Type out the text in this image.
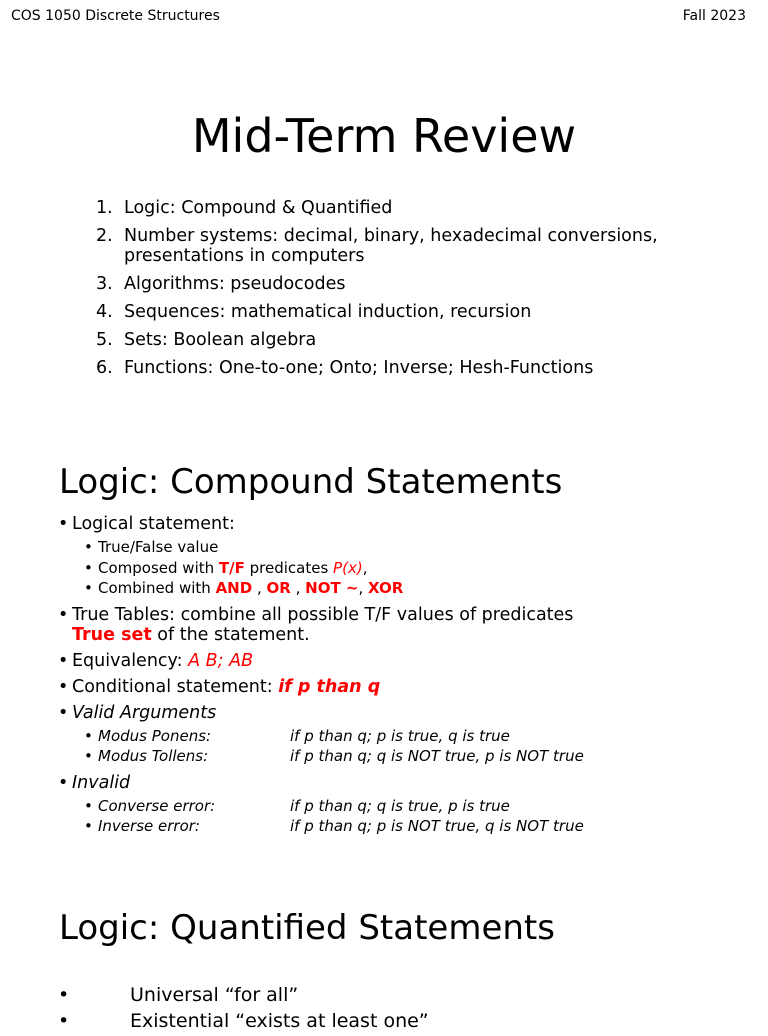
COS 1050 Discrete Structures	Fall 2023
Mid-Term Review
1. Logic: Compound & Quantified
2. Number systems: decimal, binary, hexadecimal conversions, presentations in computers
3. Algorithms: pseudocodes
4. Sequences: mathematical induction, recursion
5. Sets: Boolean algebra
6. Functions: One-to-one; Onto; Inverse; Hesh-Functions
Logic: Compound Statements
• Logical statement:
• True/False value
• Composed with T/F predicates P(x),
• Combined with AND , OR , NOT ~, XOR
• True Tables: combine all possible T/F values of predicates
True set of the statement.
• Equivalency: A B; AB
• Conditional statement: if p than q
• Valid Arguments
• Modus Ponens:	if p than q; p is true, q is true
• Modus Tollens:	if p than q; q is NOT true, p is NOT true
• Invalid
• Converse error:	if p than q; q is true, p is true
• Inverse error:	if p than q; p is NOT true, q is NOT true
Logic: Quantified Statements
•	Universal “for all”
•	Existential “exists at least one”
